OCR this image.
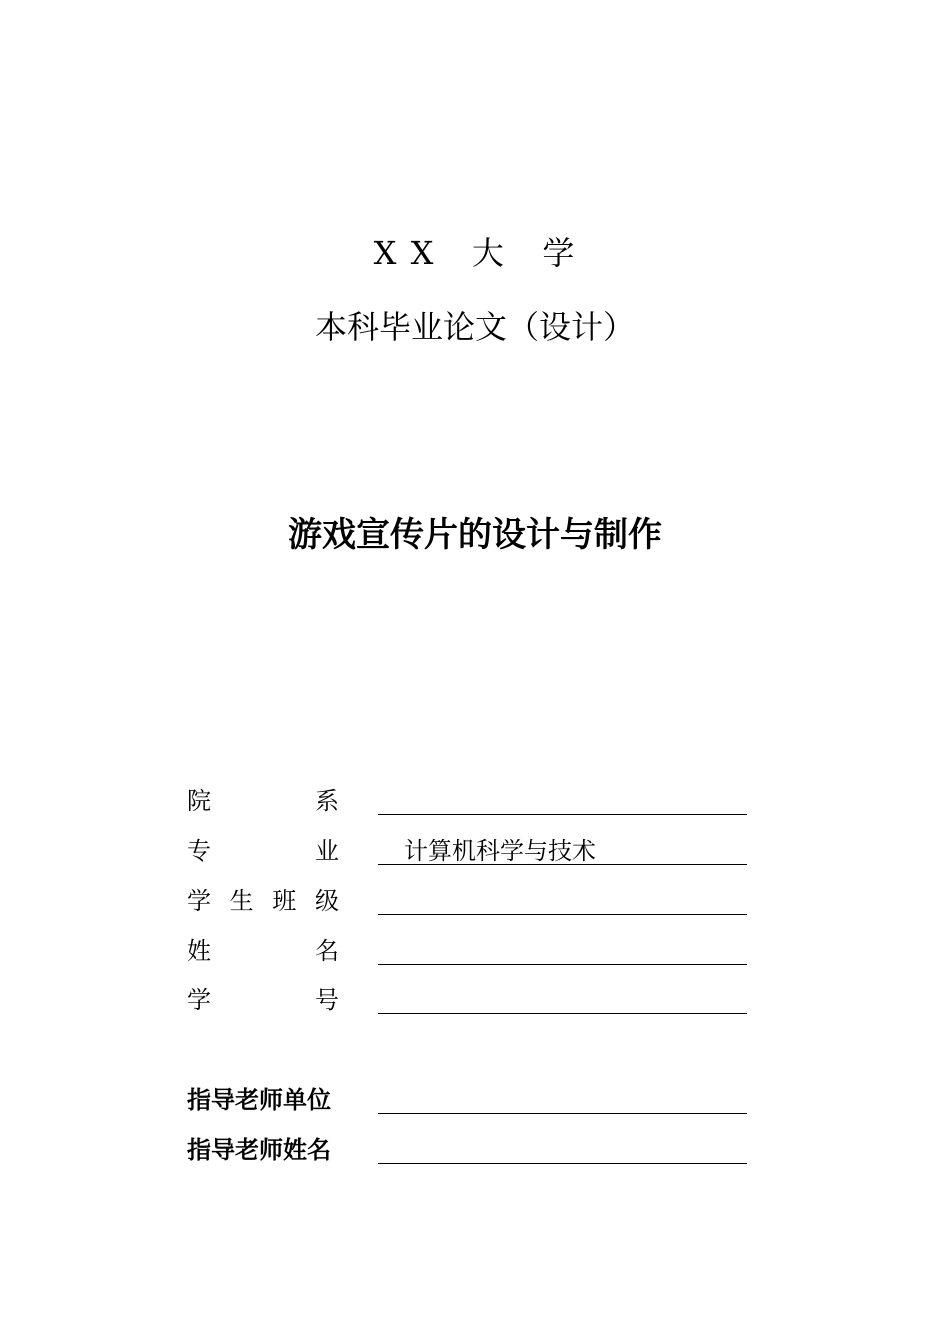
X X   大   学
本科毕业论文（设计）
游戏宣传片的设计与制作
院	系
专	业	计算机科学与技术
学 生 班 级
姓	名
学	号
指导老师单位
指导老师姓名
